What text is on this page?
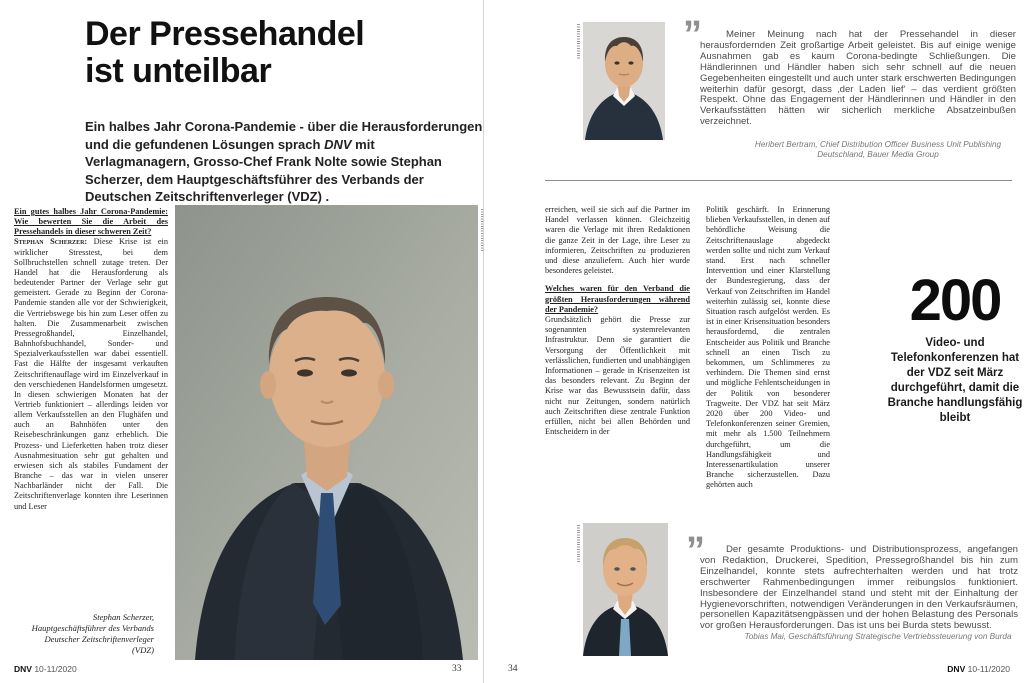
Der Pressehandel
ist unteilbar
Ein halbes Jahr Corona-Pandemie - über die Herausforderungen und die gefundenen Lösungen sprach DNV mit Verlagmanagern, Grosso-Chef Frank Nolte sowie Stephan Scherzer, dem Hauptgeschäftsführer des Verbands der Deutschen Zeitschriftenverleger (VDZ) .

Ein gutes halbes Jahr Corona-Pandemie: Wie bewerten Sie die Arbeit des Pressehandels in dieser schweren Zeit?

Stephan Scherzer: Diese Krise ist ein wirklicher Stresstest, bei dem Sollbruchstellen schnell zutage treten. Der Handel hat die Herausforderung als bedeutender Partner der Verlage sehr gut gemeistert. Gerade zu Beginn der Corona-Pandemie standen alle vor der Schwierigkeit, die Vertriebswege bis hin zum Leser offen zu halten. Die Zusammenarbeit zwischen Pressegroßhandel, Einzelhandel, Bahnhofsbuchhandel, Sonder- und Spezialverkaufsstellen war dabei essentiell. Fast die Hälfte der insgesamt verkauften Zeitschriftenauflage wird im Einzelverkauf in den verschiedenen Handelsformen umgesetzt. In diesen schwierigen Monaten hat der Vertrieb funktioniert – allerdings leiden vor allem Verkaufsstellen an den Flughäfen und auch an Bahnhöfen unter den Reisebeschränkungen ganz erheblich. Die Prozess- und Lieferketten haben trotz dieser Ausnahmesituation sehr gut gehalten und erwiesen sich als stabiles Fundament der Branche – das war in vielen unserer Nachbarländer nicht der Fall. Die Zeitschriftenverlage konnten ihre Leserinnen und Leser

Stephan Scherzer, Hauptgeschäftsführer des Verbands Deutscher Zeitschriftenverleger (VDZ)
DNV 10-11/2020	33
”	Meiner Meinung nach hat der Pressehandel in dieser herausfordernden Zeit großartige Arbeit geleistet. Bis auf einige wenige Ausnahmen gab es kaum Corona-bedingte Schließungen. Die Händlerinnen und Händler haben sich sehr schnell auf die neuen Gegebenheiten eingestellt und auch unter stark erschwerten Bedingungen weiterhin dafür gesorgt, dass ‚der Laden lief‘ – das verdient größten Respekt. Ohne das Engagement der Händlerinnen und Händler in den Verkaufsstätten hätten wir sicherlich merkliche Absatzeinbußen verzeichnet.
Heribert Bertram, Chief Distribution Officer Business Unit Publishing Deutschland, Bauer Media Group

erreichen, weil sie sich auf die Partner im Handel verlassen können. Gleichzeitig waren die Verlage mit ihren Redaktionen die ganze Zeit in der Lage, ihre Leser zu informieren, Zeitschriften zu produzieren und diese anzuliefern. Auch hier wurde besonderes geleistet.

Welches waren für den Verband die größten Herausforderungen während der Pandemie?

Grundsätzlich gehört die Presse zur sogenannten systemrelevanten Infrastruktur. Denn sie garantiert die Versorgung der Öffentlichkeit mit verlässlichen, fundierten und unabhängigen Informationen – gerade in Krisenzeiten ist das besonders relevant. Zu Beginn der Krise war das Bewusstsein dafür, dass nicht nur Zeitungen, sondern natürlich auch Zeitschriften diese zentrale Funktion erfüllen, nicht bei allen Behörden und Entscheidern in der

Politik geschärft. In Erinnerung blieben Verkaufsstellen, in denen auf behördliche Weisung die Zeitschriftenauslage abgedeckt werden sollte und nicht zum Verkauf stand. Erst nach schneller Intervention und einer Klarstellung der Bundesregierung, dass der Verkauf von Zeitschriften im Handel weiterhin zulässig sei, konnte diese Situation rasch aufgelöst werden. Es ist in einer Krisensituation besonders herausfordernd, die zentralen Entscheider aus Politik und Branche schnell an einen Tisch zu bekommen, um Schlimmeres zu verhindern. Die Themen sind ernst und mögliche Fehlentscheidungen in der Politik von besonderer Tragweite. Der VDZ hat seit März 2020 über 200 Video- und Telefonkonferenzen seiner Gremien, mit mehr als 1.500 Teilnehmern durchgeführt, um die Handlungsfähigkeit und Interessenartikulation unserer Branche sicherzustellen. Dazu gehörten auch

200
Video- und Telefonkonferenzen hat der VDZ seit März durchgeführt, damit die Branche handlungsfähig bleibt
”	Der gesamte Produktions- und Distributionsprozess, angefangen von Redaktion, Druckerei, Spedition, Pressegroßhandel bis hin zum Einzelhandel, konnte stets aufrechterhalten werden und hat trotz erschwerter Rahmenbedingungen immer reibungslos funktioniert. Insbesondere der Einzelhandel stand und steht mit der Einhaltung der Hygienevorschriften, notwendigen Veränderungen in den Verkaufsräumen, personellen Kapazitätsengpässen und der hohen Belastung des Personals vor großen Herausforderungen. Das ist uns bei Burda stets bewusst.
Tobias Mai, Geschäftsführung Strategische Vertriebssteuerung von Burda
34	DNV 10-11/2020
